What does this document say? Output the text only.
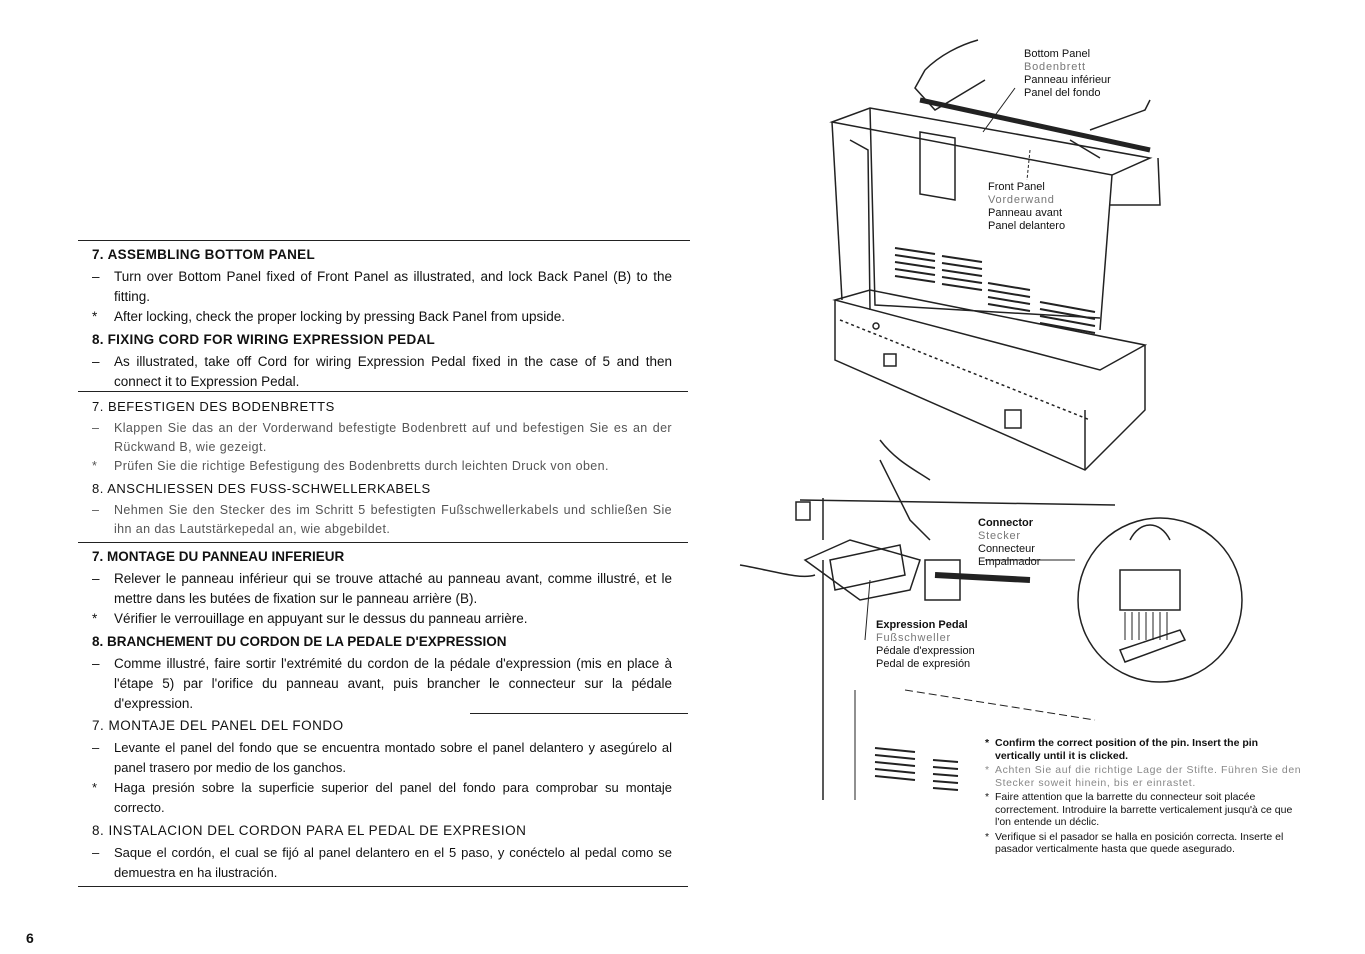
7. ASSEMBLING BOTTOM PANEL

–	Turn over Bottom Panel fixed of Front Panel as illustrated, and lock Back Panel (B) to the fitting.

*	After locking, check the proper locking by pressing Back Panel from upside.

8. FIXING CORD FOR WIRING EXPRESSION PEDAL

–	As illustrated, take off Cord for wiring Expression Pedal fixed in the case of 5 and then connect it to Expression Pedal.

7. BEFESTIGEN DES BODENBRETTS

–	Klappen Sie das an der Vorderwand befestigte Bodenbrett auf und befestigen Sie es an der Rückwand B, wie gezeigt.

*	Prüfen Sie die richtige Befestigung des Bodenbretts durch leichten Druck von oben.

8. ANSCHLIESSEN DES FUSS-SCHWELLERKABELS

–	Nehmen Sie den Stecker des im Schritt 5 befestigten Fußschwellerkabels und schließen Sie ihn an das Lautstärkepedal an, wie abgebildet.

7. MONTAGE DU PANNEAU INFERIEUR

–	Relever le panneau inférieur qui se trouve attaché au panneau avant, comme illustré, et le mettre dans les butées de fixation sur le panneau arrière (B).

*	Vérifier le verrouillage en appuyant sur le dessus du panneau arrière.

8. BRANCHEMENT DU CORDON DE LA PEDALE D'EXPRESSION

–	Comme illustré, faire sortir l'extrémité du cordon de la pédale d'expression (mis en place à l'étape 5) par l'orifice du panneau avant, puis brancher le connecteur sur la pédale d'expression.

7. MONTAJE DEL PANEL DEL FONDO

–	Levante el panel del fondo que se encuentra montado sobre el panel delantero y asegúrelo al panel trasero por medio de los ganchos.

*	Haga presión sobre la superficie superior del panel del fondo para comprobar su montaje correcto.

8. INSTALACION DEL CORDON PARA EL PEDAL DE EXPRESION

–	Saque el cordón, el cual se fijó al panel delantero en el 5 paso, y conéctelo al pedal como se demuestra en ha ilustración.

Bottom Panel
Bodenbrett
Panneau inférieur
Panel del fondo
Front Panel
Vorderwand
Panneau avant
Panel delantero
Connector
Stecker
Connecteur
Empalmador
Expression Pedal
Fußschweller
Pédale d'expression
Pedal de expresión
* Confirm the correct position of the pin. Insert the pin vertically until it is clicked.
* Achten Sie auf die richtige Lage der Stifte. Führen Sie den Stecker soweit hinein, bis er einrastet.
* Faire attention que la barrette du connecteur soit placée correctement. Introduire la barrette verticalement jusqu'à ce que l'on entende un déclic.
* Verifique si el pasador se halla en posición correcta. Inserte el pasador verticalmente hasta que quede asegurado.
6
